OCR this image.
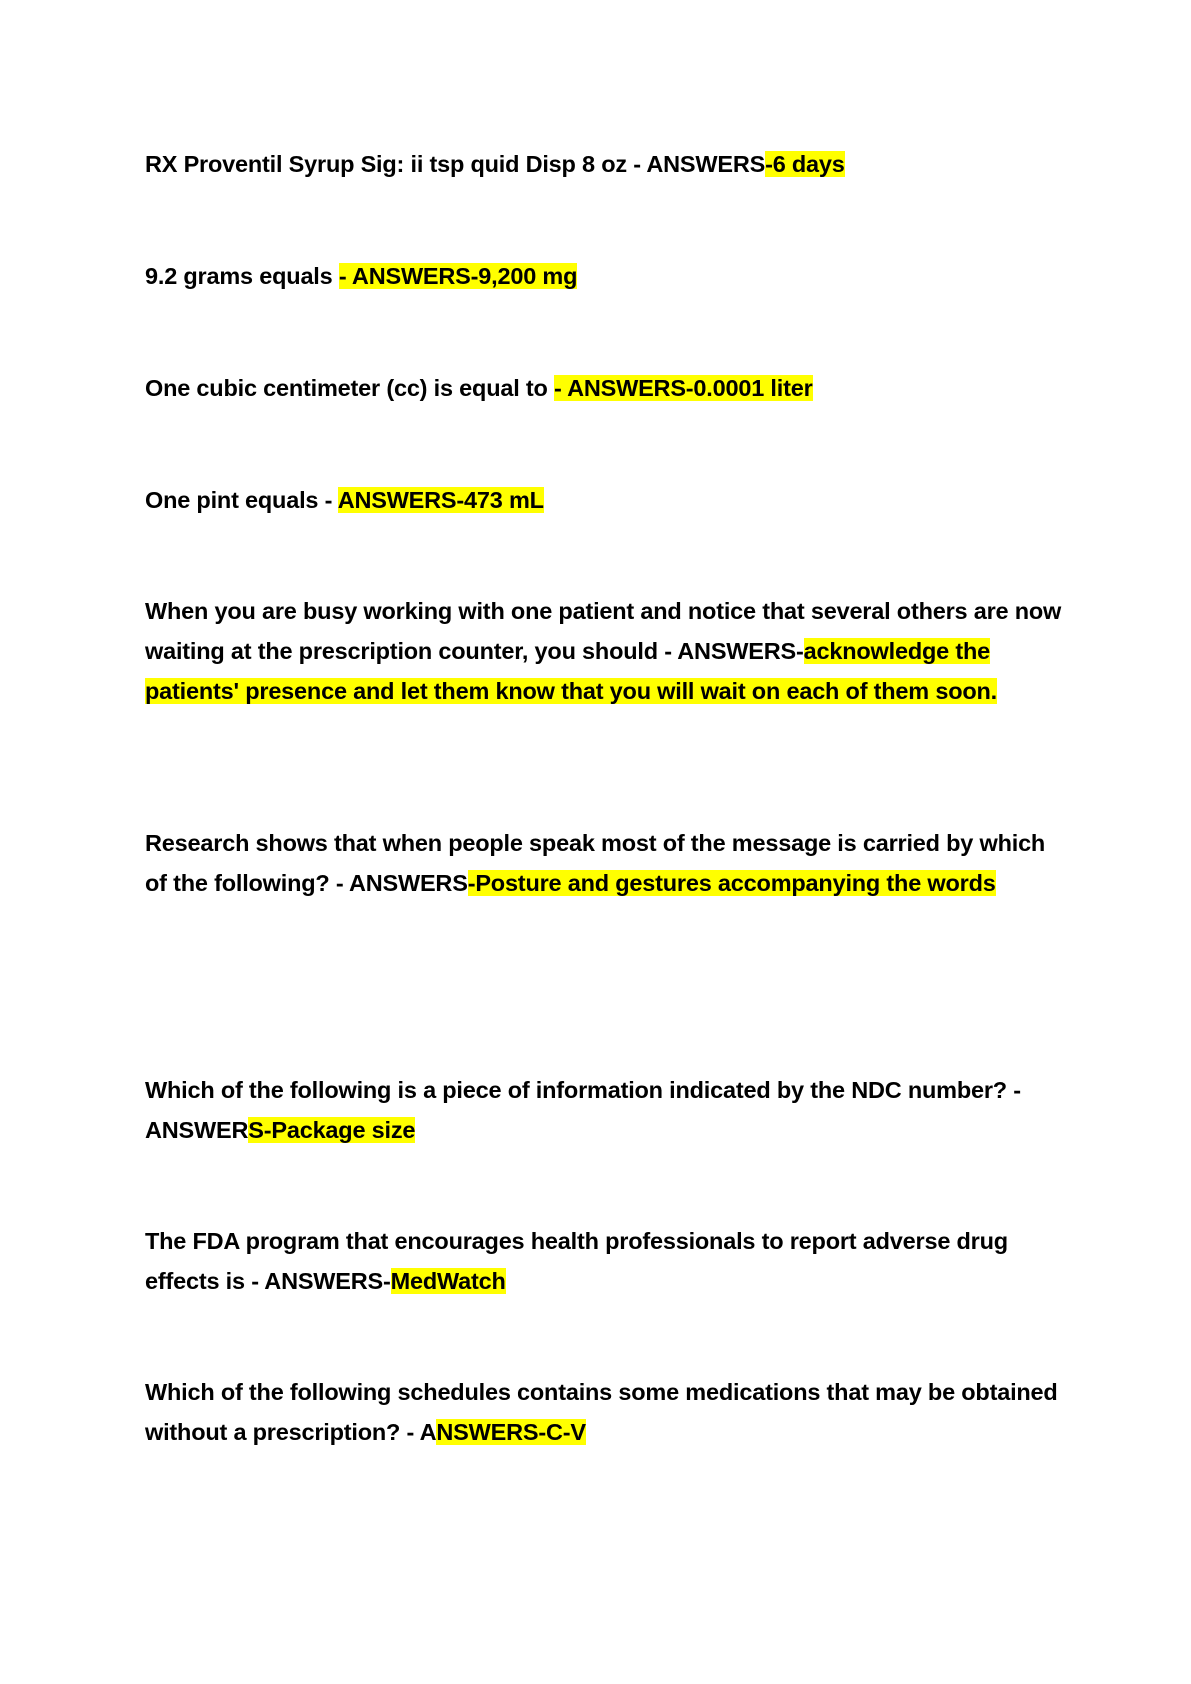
RX Proventil Syrup Sig: ii tsp quid Disp 8 oz - ANSWERS-6 days

9.2 grams equals - ANSWERS-9,200 mg

One cubic centimeter (cc) is equal to - ANSWERS-0.0001 liter

One pint equals - ANSWERS-473 mL

When you are busy working with one patient and notice that several others are now waiting at the prescription counter, you should - ANSWERS-acknowledge the patients' presence and let them know that you will wait on each of them soon.

Research shows that when people speak most of the message is carried by which of the following? - ANSWERS-Posture and gestures accompanying the words

Which of the following is a piece of information indicated by the NDC number? - ANSWERS-Package size

The FDA program that encourages health professionals to report adverse drug effects is - ANSWERS-MedWatch

Which of the following schedules contains some medications that may be obtained without a prescription? - ANSWERS-C-V
